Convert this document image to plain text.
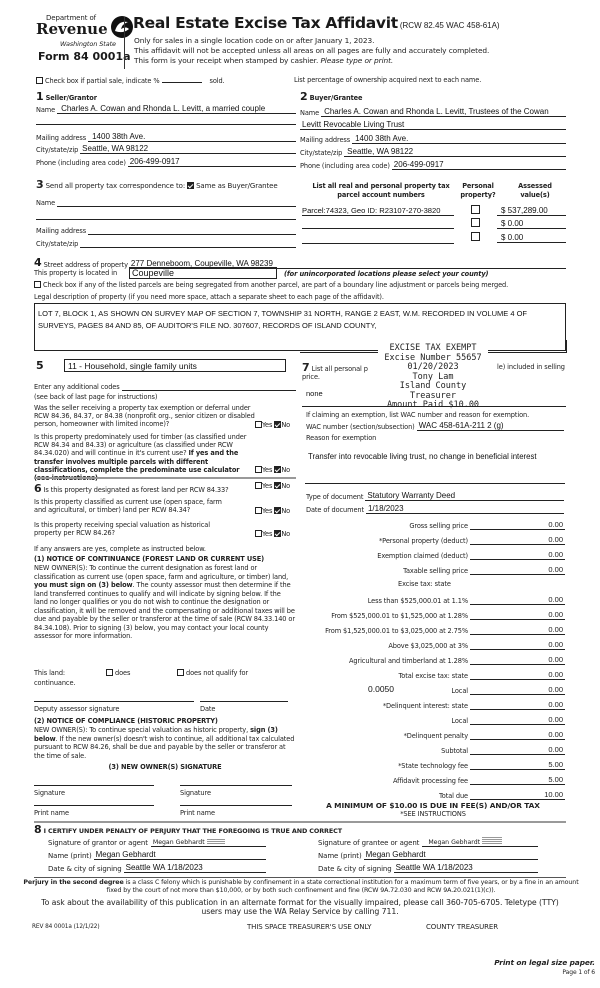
Department of
Revenue
Washington State
Form 84 0001a
Real Estate Excise Tax Affidavit (RCW 82.45 WAC 458-61A)
Only for sales in a single location code on or after January 1, 2023.
This affidavit will not be accepted unless all areas on all pages are fully and accurately completed.
This form is your receipt when stamped by cashier. Please type or print.
Check box if partial sale, indicate %	sold.	List percentage of ownership acquired next to each name.
1 Seller/Grantor
Name Charles A. Cowan and Rhonda L. Levitt, a married couple
Mailing address 1400 38th Ave.
City/state/zip Seattle, WA 98122
Phone (including area code) 206-499-0917
3 Send all property tax correspondence to: Same as Buyer/Grantee
Name
Mailing address
City/state/zip
2 Buyer/Grantee
Name Charles A. Cowan and Rhonda L. Levitt, Trustees of the Cowan
Levitt Revocable Living Trust
Mailing address 1400 38th Ave.
City/state/zip Seattle, WA 98122
Phone (including area code) 206-499-0917
List all real and personal property tax parcel account numbers
Personal property?
Assessed value(s)
Parcel:74323, Geo ID: R23107-270-3820	$ 537,289.00
$ 0.00
$ 0.00
4 Street address of property 277 Denneboom, Coupeville, WA 98239
This property is located in	Coupeville	(for unincorporated locations please select your county)
Check box if any of the listed parcels are being segregated from another parcel, are part of a boundary line adjustment or parcels being merged.
Legal description of property (if you need more space, attach a separate sheet to each page of the affidavit).
LOT 7, BLOCK 1, AS SHOWN ON SURVEY MAP OF SECTION 7, TOWNSHIP 31 NORTH, RANGE 2 EAST, W.M. RECORDED IN VOLUME 4 OF SURVEYS, PAGES 84 AND 85, OF AUDITOR'S FILE NO. 307607, RECORDS OF ISLAND COUNTY,
5	11 - Household, single family units
Enter any additional codes
(see back of last page for instructions)
Was the seller receiving a property tax exemption or deferral under RCW 84.36, 84.37, or 84.38 (nonprofit org., senior citizen or disabled person, homeowner with limited income)?	Yes No
Is this property predominately used for timber (as classified under RCW 84.34 and 84.33) or agriculture (as classified under RCW 84.34.020) and will continue in it's current use? If yes and the transfer involves multiple parcels with different classifications, complete the predominate use calculator (see instructions)
Yes No
6 Is this property designated as forest land per RCW 84.33?	Yes No
Is this property classified as current use (open space, farm and agricultural, or timber) land per RCW 84.34?	Yes No
Is this property receiving special valuation as historical property per RCW 84.26?	Yes No
If any answers are yes, complete as instructed below.
(1) NOTICE OF CONTINUANCE (FOREST LAND OR CURRENT USE)
NEW OWNER(S): To continue the current designation as forest land or classification as current use (open space, farm and agriculture, or timber) land, you must sign on (3) below. The county assessor must then determine if the land transferred continues to qualify and will indicate by signing below. If the land no longer qualifies or you do not wish to continue the designation or classification, it will be removed and the compensating or additional taxes will be due and payable by the seller or transferor at the time of sale (RCW 84.33.140 or 84.34.108). Prior to signing (3) below, you may contact your local county assessor for more information.
This land:	does	does not qualify for
continuance.
Deputy assessor signature	Date
(2) NOTICE OF COMPLIANCE (HISTORIC PROPERTY)
NEW OWNER(S): To continue special valuation as historic property, sign (3) below. If the new owner(s) doesn't wish to continue, all additional tax calculated pursuant to RCW 84.26, shall be due and payable by the seller or transferor at the time of sale.
(3) NEW OWNER(S) SIGNATURE
Signature	Signature
Print name	Print name
7 List all personal p	le) included in selling
price.
none
EXCISE TAX EXEMPT
Excise Number 55657
01/20/2023
Tony Lam
Island County Treasurer
Amount Paid $10.00
If claiming an exemption, list WAC number and reason for exemption.
WAC number (section/subsection) WAC 458-61A-211 2 (g)
Reason for exemption
Transfer into revocable living trust, no change in beneficial interest
Type of document Statutory Warranty Deed
Date of document 1/18/2023
Gross selling price	0.00
*Personal property (deduct)	0.00
Exemption claimed (deduct)	0.00
Taxable selling price	0.00
Excise tax: state
Less than $525,000.01 at 1.1%	0.00
From $525,000.01 to $1,525,000 at 1.28%	0.00
From $1,525,000.01 to $3,025,000 at 2.75%	0.00
Above $3,025,000 at 3%	0.00
Agricultural and timberland at 1.28%	0.00
Total excise tax: state	0.00
0.0050	Local	0.00
*Delinquent interest: state	0.00
Local	0.00
*Delinquent penalty	0.00
Subtotal	0.00
*State technology fee	5.00
Affidavit processing fee	5.00
Total due	10.00
A MINIMUM OF $10.00 IS DUE IN FEE(S) AND/OR TAX
*SEE INSTRUCTIONS
8 I CERTIFY UNDER PENALTY OF PERJURY THAT THE FOREGOING IS TRUE AND CORRECT
Signature of grantor or agent Megan Gebhardt
Name (print) Megan Gebhardt
Date & city of signing Seattle WA 1/18/2023
Signature of grantee or agent	Megan Gebhardt
Name (print) Megan Gebhardt
Date & city of signing Seattle WA 1/18/2023
Perjury in the second degree is a class C felony which is punishable by confinement in a state correctional institution for a maximum term of five years, or by a fine in an amount fixed by the court of not more than $10,000, or by both such confinement and fine (RCW 9A.72.030 and RCW 9A.20.021(1)(c)).
To ask about the availability of this publication in an alternate format for the visually impaired, please call 360-705-6705. Teletype (TTY) users may use the WA Relay Service by calling 711.
REV 84 0001a (12/1/22)	THIS SPACE TREASURER'S USE ONLY	COUNTY TREASURER
Print on legal size paper.
Page 1 of 6
